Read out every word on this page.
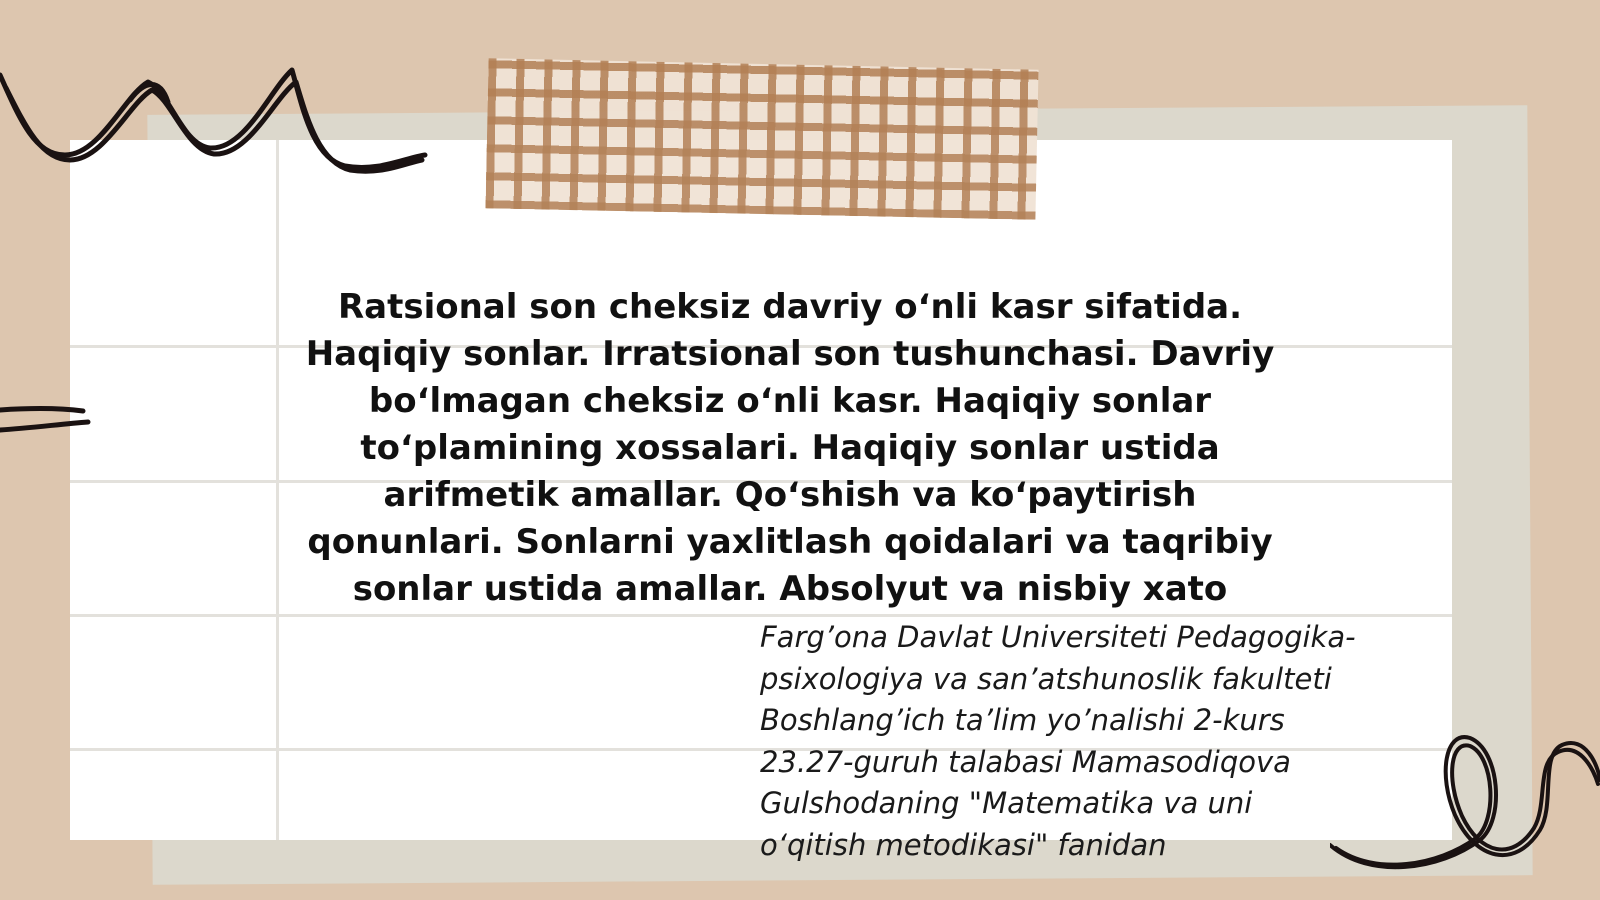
Ratsional son cheksiz davriy o‘nli kasr sifatida. Haqiqiy sonlar. Irratsional son tushunchasi. Davriy bo‘lmagan cheksiz o‘nli kasr. Haqiqiy sonlar to‘plamining xossalari. Haqiqiy sonlar ustida arifmetik amallar. Qo‘shish va ko‘paytirish qonunlari. Sonlarni yaxlitlash qoidalari va taqribiy sonlar ustida amallar. Absolyut va nisbiy xato

Farg’ona Davlat Universiteti Pedagogika-psixologiya va san’atshunoslik fakulteti Boshlang’ich ta’lim yo’nalishi 2-kurs 23.27-guruh talabasi Mamasodiqova Gulshodaning "Matematika va uni o‘qitish metodikasi" fanidan
